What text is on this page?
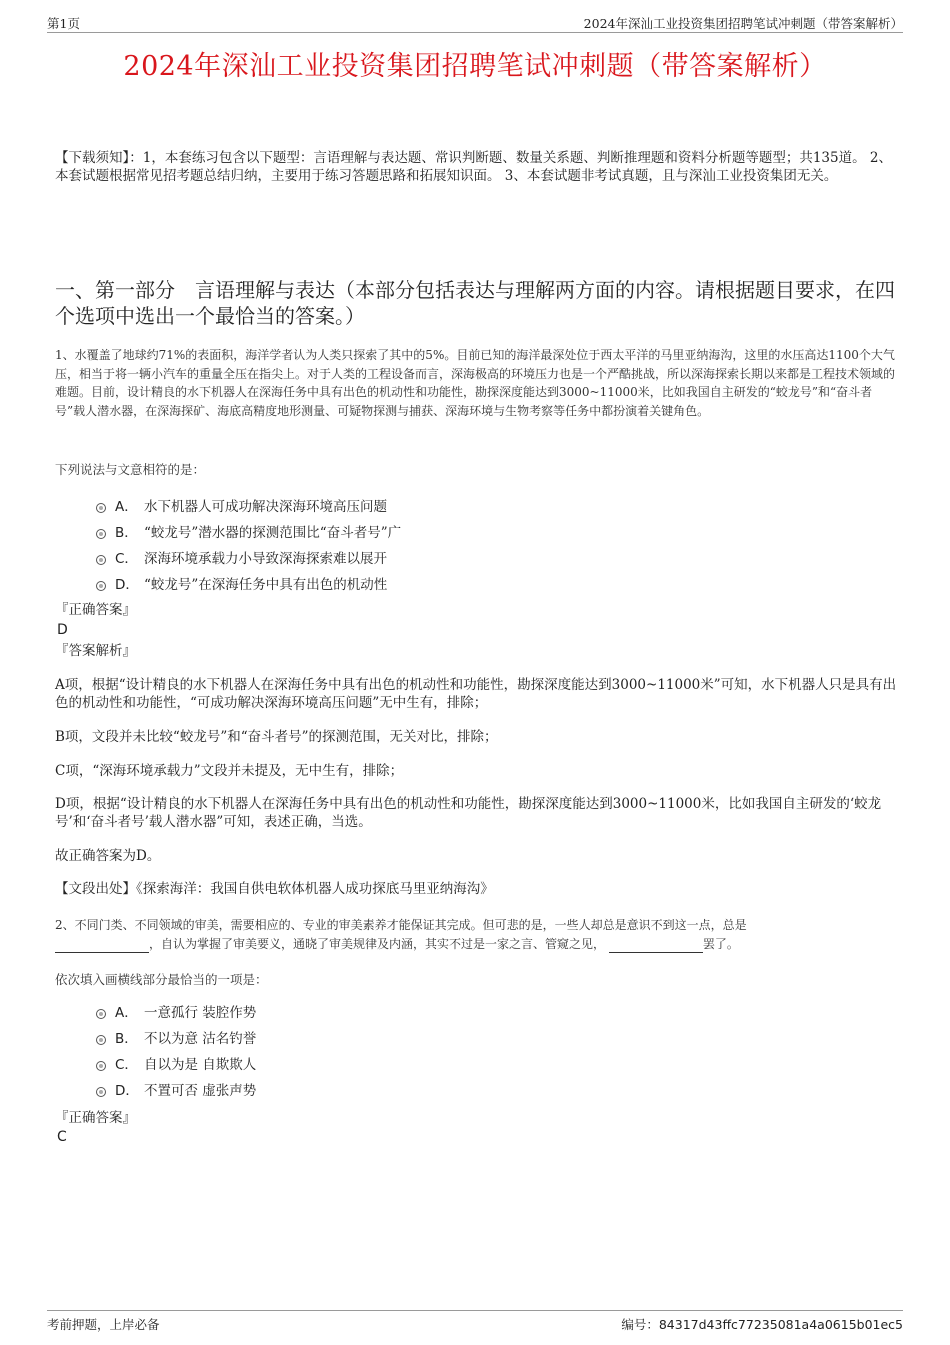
第1页	2024年深汕工业投资集团招聘笔试冲刺题（带答案解析）
2024年深汕工业投资集团招聘笔试冲刺题（带答案解析）
【下载须知】：1，本套练习包含以下题型：言语理解与表达题、常识判断题、数量关系题、判断推理题和资料分析题等题型；共135道。 2、本套试题根据常见招考题总结归纳，主要用于练习答题思路和拓展知识面。 3、本套试题非考试真题，且与深汕工业投资集团无关。
一、第一部分　言语理解与表达（本部分包括表达与理解两方面的内容。请根据题目要求，在四个选项中选出一个最恰当的答案。）
1、水覆盖了地球约71%的表面积，海洋学者认为人类只探索了其中的5%。目前已知的海洋最深处位于西太平洋的马里亚纳海沟，这里的水压高达1100个大气压，相当于将一辆小汽车的重量全压在指尖上。对于人类的工程设备而言，深海极高的环境压力也是一个严酷挑战，所以深海探索长期以来都是工程技术领域的难题。目前，设计精良的水下机器人在深海任务中具有出色的机动性和功能性，勘探深度能达到3000~11000米，比如我国自主研发的“蛟龙号”和“奋斗者号”载人潜水器，在深海探矿、海底高精度地形测量、可疑物探测与捕获、深海环境与生物考察等任务中都扮演着关键角色。
下列说法与文意相符的是：
A． 水下机器人可成功解决深海环境高压问题
B． “蛟龙号”潜水器的探测范围比“奋斗者号”广
C． 深海环境承载力小导致深海探索难以展开
D． “蛟龙号”在深海任务中具有出色的机动性
『正确答案』
D
『答案解析』
A项，根据“设计精良的水下机器人在深海任务中具有出色的机动性和功能性，勘探深度能达到3000~11000米”可知，水下机器人只是具有出色的机动性和功能性，“可成功解决深海环境高压问题”无中生有，排除；
B项，文段并未比较“蛟龙号”和“奋斗者号”的探测范围，无关对比，排除；
C项，“深海环境承载力”文段并未提及，无中生有，排除；
D项，根据“设计精良的水下机器人在深海任务中具有出色的机动性和功能性，勘探深度能达到3000~11000米，比如我国自主研发的‘蛟龙号’和‘奋斗者号’载人潜水器”可知，表述正确，当选。
故正确答案为D。
【文段出处】《探索海洋：我国自供电软体机器人成功探底马里亚纳海沟》
2、不同门类、不同领域的审美，需要相应的、专业的审美素养才能保证其完成。但可悲的是，一些人却总是意识不到这一点，总是
，自认为掌握了审美要义，通晓了审美规律及内涵，其实不过是一家之言、管窥之见，	罢了。
依次填入画横线部分最恰当的一项是：
A． 一意孤行 装腔作势
B． 不以为意 沽名钓誉
C． 自以为是 自欺欺人
D． 不置可否 虚张声势
『正确答案』
C
考前押题，上岸必备	编号：84317d43ffc77235081a4a0615b01ec5
